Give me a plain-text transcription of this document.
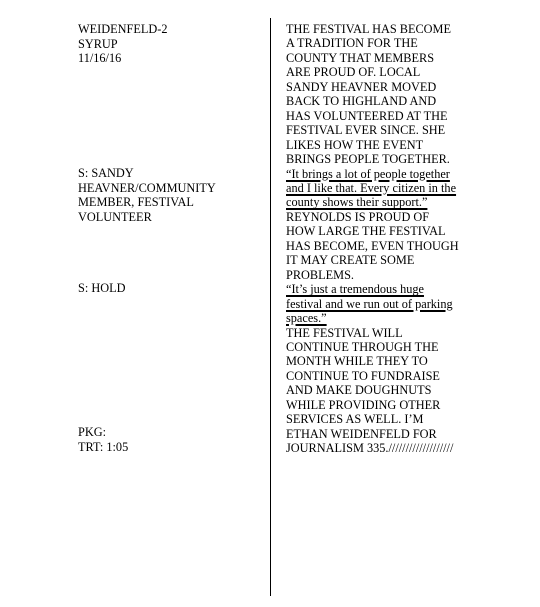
WEIDENFELD-2
SYRUP
11/16/16
S: SANDY
HEAVNER/COMMUNITY
MEMBER, FESTIVAL
VOLUNTEER
S: HOLD
PKG:
TRT: 1:05
THE FESTIVAL HAS BECOME
A TRADITION FOR THE
COUNTY THAT MEMBERS
ARE PROUD OF. LOCAL
SANDY HEAVNER MOVED
BACK TO HIGHLAND AND
HAS VOLUNTEERED AT THE
FESTIVAL EVER SINCE. SHE
LIKES HOW THE EVENT
BRINGS PEOPLE TOGETHER.
“It brings a lot of people together
and I like that. Every citizen in the
county shows their support.”
REYNOLDS IS PROUD OF
HOW LARGE THE FESTIVAL
HAS BECOME, EVEN THOUGH
IT MAY CREATE SOME
PROBLEMS.
“It’s just a tremendous huge
festival and we run out of parking
spaces.”
THE FESTIVAL WILL
CONTINUE THROUGH THE
MONTH WHILE THEY TO
CONTINUE TO FUNDRAISE
AND MAKE DOUGHNUTS
WHILE PROVIDING OTHER
SERVICES AS WELL. I’M
ETHAN WEIDENFELD FOR
JOURNALISM 335.///////////////////
